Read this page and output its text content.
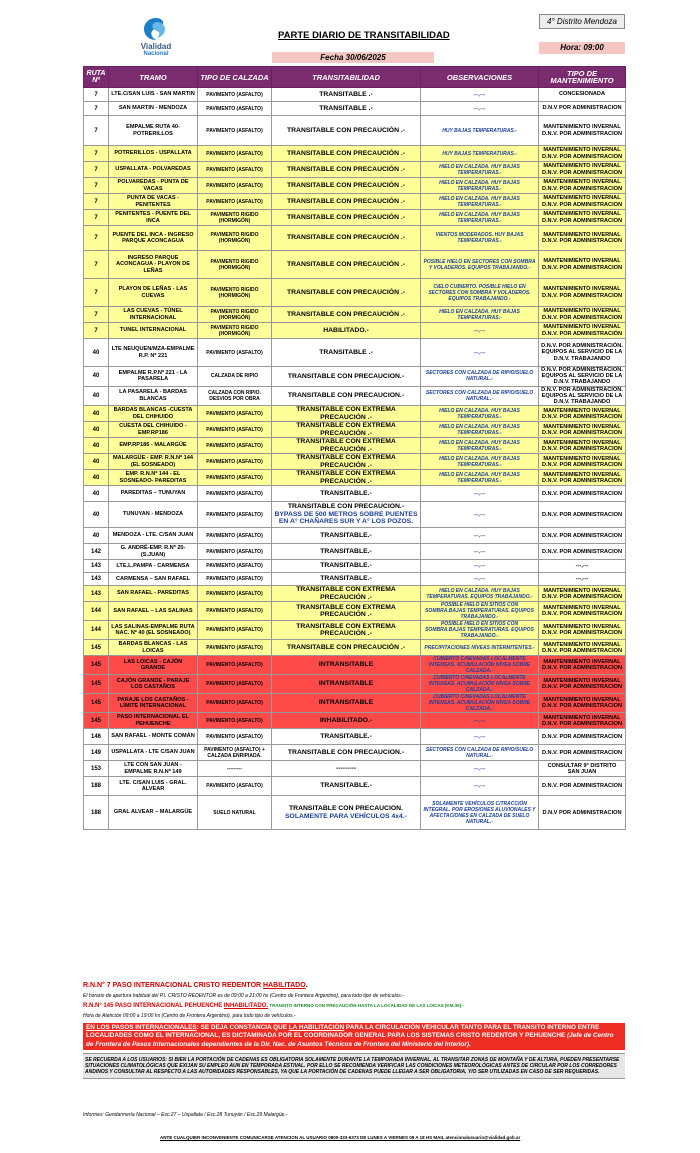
Vialidad
Nacional
PARTE DIARIO DE TRANSITABILIDAD
Fecha 30/06/2025
4° Distrito Mendoza
Hora: 09:00
RUTA Nº	TRAMO	TIPO DE CALZADA	TRANSITABILIDAD	OBSERVACIONES	TIPO DE MANTENIMIENTO
7	LTE.C/SAN LUIS - SAN MARTIN	PAVIMENTO (ASFALTO)	TRANSITABLE .-	---,---	CONCESIONADA
7	SAN MARTIN - MENDOZA	PAVIMENTO (ASFALTO)	TRANSITABLE .-	---,---	D.N.V POR ADMINISTRACION
7	EMPALME RUTA 40- POTRERILLOS	PAVIMENTO (ASFALTO)	TRANSITABLE CON PRECAUCIÓN .-	HUY BAJAS TEMPERATURAS.-	MANTENIMIENTO INVERNAL D.N.V. POR ADMINISTRACION
7	POTRERILLOS - USPALLATA	PAVIMENTO (ASFALTO)	TRANSITABLE CON PRECAUCIÓN .-	HUY BAJAS TEMPERATURAS.-	MANTENIMIENTO INVERNAL D.N.V. POR ADMINISTRACION
7	USPALLATA - POLVAREDAS	PAVIMENTO (ASFALTO)	TRANSITABLE CON PRECAUCIÓN .-	HIELO EN CALZADA. HUY BAJAS TEMPERATURAS.-	MANTENIMIENTO INVERNAL D.N.V. POR ADMINISTRACION
7	POLVAREDAS - PUNTA DE VACAS	PAVIMENTO (ASFALTO)	TRANSITABLE CON PRECAUCIÓN .-	HIELO EN CALZADA. HUY BAJAS TEMPERATURAS.-	MANTENIMIENTO INVERNAL D.N.V. POR ADMINISTRACION
7	PUNTA DE VACAS - PENITENTES	PAVIMENTO (ASFALTO)	TRANSITABLE CON PRECAUCIÓN .-	HIELO EN CALZADA. HUY BAJAS TEMPERATURAS.-	MANTENIMIENTO INVERNAL D.N.V. POR ADMINISTRACION
7	PENITENTES - PUENTE DEL INCA	PAVIMENTO RIGIDO (HORMIGÓN)	TRANSITABLE CON PRECAUCIÓN .-	HIELO EN CALZADA. HUY BAJAS TEMPERATURAS.-	MANTENIMIENTO INVERNAL D.N.V. POR ADMINISTRACION
7	PUENTE DEL INCA - INGRESO PARQUE ACONCAGUA	PAVIMENTO RIGIDO (HORMIGÓN)	TRANSITABLE CON PRECAUCIÓN .-	VIENTOS MODERADOS. HUY BAJAS TEMPERATURAS.-	MANTENIMIENTO INVERNAL D.N.V. POR ADMINISTRACION
7	INGRESO PARQUE ACONCAGUA - PLAYON DE LEÑAS	PAVIMENTO RIGIDO (HORMIGÓN)	TRANSITABLE CON PRECAUCIÓN .-	POSIBLE HIELO EN SECTORES CON SOMBRA Y VOLADEROS. EQUIPOS TRABAJANDO.-	MANTENIMIENTO INVERNAL D.N.V. POR ADMINISTRACION
7	PLAYON DE LEÑAS - LAS CUEVAS	PAVIMENTO RIGIDO (HORMIGÓN)	TRANSITABLE CON PRECAUCIÓN .-	CIELO CUBIERTO. POSIBLE HIELO EN SECTORES CON SOMBRA Y VOLADEROS. EQUIPOS TRABAJANDO.-	MANTENIMIENTO INVERNAL D.N.V. POR ADMINISTRACION
7	LAS CUEVAS - TÚNEL INTERNACIONAL	PAVIMENTO RIGIDO (HORMIGÓN)	TRANSITABLE CON PRECAUCIÓN .-	HIELO EN CALZADA. HUY BAJAS TEMPERATURAS.-	MANTENIMIENTO INVERNAL D.N.V. POR ADMINISTRACION
7	TUNEL INTERNACIONAL	PAVIMENTO RIGIDO (HORMIGÓN)	HABILITADO.-	---,---	MANTENIMIENTO INVERNAL D.N.V. POR ADMINISTRACIÓN
40	LTE NEUQUEN/MZA-EMPALME R.P. Nº 221	PAVIMENTO (ASFALTO)	TRANSITABLE .-	---,---	D.N.V. POR ADMINISTRACIÓN. EQUIPOS AL SERVICIO DE LA D.N.V. TRABAJANDO
40	EMPALME R.P.Nº 221 - LA PASARELA	CALZADA DE RIPIO	TRANSITABLE CON PRECAUCION.-	SECTORES CON CALZADA DE RIPIO/SUELO NATURAL.-	D.N.V. POR ADMINISTRACIÓN. EQUIPOS AL SERVICIO DE LA D.N.V. TRABAJANDO
40	LA PASARELA - BARDAS BLANCAS	CALZADA CON RIPIO. DESVIOS POR OBRA	TRANSITABLE CON PRECAUCION.-	SECTORES CON CALZADA DE RIPIO/SUELO NATURAL.-	D.N.V. POR ADMINISTRACIÓN. EQUIPOS AL SERVICIO DE LA D.N.V. TRABAJANDO
40	BARDAS BLANCAS -CUESTA DEL CHIHUIDO	PAVIMENTO (ASFALTO)	TRANSITABLE CON EXTREMA PRECAUCIÓN .-	HIELO EN CALZADA. HUY BAJAS TEMPERATURAS.-	MANTENIMIENTO INVERNAL D.N.V. POR ADMINISTRACION
40	CUESTA DEL CHIHUIDO - EMP.RP186	PAVIMENTO (ASFALTO)	TRANSITABLE CON EXTREMA PRECAUCIÓN .-	HIELO EN CALZADA. HUY BAJAS TEMPERATURAS.-	MANTENIMIENTO INVERNAL D.N.V. POR ADMINISTRACION
40	EMP.RP186 - MALARGÜE	PAVIMENTO (ASFALTO)	TRANSITABLE CON EXTREMA PRECAUCIÓN .-	HIELO EN CALZADA. HUY BAJAS TEMPERATURAS.-	MANTENIMIENTO INVERNAL D.N.V. POR ADMINISTRACION
40	MALARGÜE - EMP. R.N.Nº 144 (EL SOSNEADO)	PAVIMENTO (ASFALTO)	TRANSITABLE CON EXTREMA PRECAUCIÓN .-	HIELO EN CALZADA. HUY BAJAS TEMPERATURAS.-	MANTENIMIENTO INVERNAL D.N.V. POR ADMINISTRACION
40	EMP. R.N.Nº 144 - EL SOSNEADO- PAREDITAS	PAVIMENTO (ASFALTO)	TRANSITABLE CON EXTREMA PRECAUCIÓN .-	HIELO EN CALZADA. HUY BAJAS TEMPERATURAS.-	MANTENIMIENTO INVERNAL D.N.V. POR ADMINISTRACION
40	PAREDITAS – TUNUYAN	PAVIMENTO (ASFALTO)	TRANSITABLE.-	---,---	D.N.V. POR ADMINISTRACION
40	TUNUYAN - MENDOZA	PAVIMENTO (ASFALTO)	TRANSITABLE CON PRECAUCION.- BYPASS DE 500 METROS SOBRE PUENTES EN A° CHAÑARES SUR Y A° LOS POZOS.	---,---	D.N.V. POR ADMINISTRACION
40	MENDOZA - LTE. C/SAN JUAN	PAVIMENTO (ASFALTO)	TRANSITABLE.-	---,---	D.N.V. POR ADMINISTRACION
142	G. ANDRÉ-EMP. R.Nº 20-(S.JUAN)	PAVIMENTO (ASFALTO)	TRANSITABLE.-	---,---	D.N.V. POR ADMINISTRACION
143	LTE.L.PAMPA - CARMENSA	PAVIMENTO (ASFALTO)	TRANSITABLE.-	---,---	---,---
143	CARMENSA – SAN RAFAEL	PAVIMENTO (ASFALTO)	TRANSITABLE.-	---,---	---,---
143	SAN RAFAEL - PAREDITAS	PAVIMENTO (ASFALTO)	TRANSITABLE CON EXTREMA PRECAUCIÓN .-	HIELO EN CALZADA. HUY BAJAS TEMPERATURAS. EQUIPOS TRABAJANDO.-	MANTENIMIENTO INVERNAL D.N.V. POR ADMINISTRACION
144	SAN RAFAEL – LAS SALINAS	PAVIMENTO (ASFALTO)	TRANSITABLE CON EXTREMA PRECAUCIÓN .-	POSIBLE HIELO EN SITIOS CON SOMBRA.BAJAS TEMPERATURAS. EQUIPOS TRABAJANDO.-	MANTENIMIENTO INVERNAL D.N.V. POR ADMINISTRACION
144	LAS SALINAS-EMPALME RUTA NAC. Nº 40 (EL SOSNEADO)	PAVIMENTO (ASFALTO)	TRANSITABLE CON EXTREMA PRECAUCIÓN .-	POSIBLE HIELO EN SITIOS CON SOMBRA.BAJAS TEMPERATURAS. EQUIPOS TRABAJANDO.-	MANTENIMIENTO INVERNAL D.N.V. POR ADMINISTRACION
145	BARDAS BLANCAS - LAS LOICAS	PAVIMENTO (ASFALTO)	TRANSITABLE CON PRECAUCIÓN .-	PRECIPITACIONES NÍVEAS INTERMITENTES.-	MANTENIMIENTO INVERNAL D.N.V. POR ADMINISTRACION
145	LAS LOICAS - CAJÓN GRANDE	PAVIMENTO (ASFALTO)	INTRANSITABLE	CUBIERTO C/NEVADAS LOCALMENTE INTENSAS. ACUMULACIÓN NÍVEA SOBRE CALZADA.-	MANTENIMIENTO INVERNAL D.N.V. POR ADMINISTRACION
145	CAJÓN GRANDE - PARAJE LOS CASTAÑOS	PAVIMENTO (ASFALTO)	INTRANSITABLE	CUBIERTO C/NEVADAS LOCALMENTE INTENSAS. ACUMULACIÓN NÍVEA SOBRE CALZADA.-	MANTENIMIENTO INVERNAL D.N.V. POR ADMINISTRACION
145	PARAJE LOS CASTAÑOS - LÍMITE INTERNACIONAL	PAVIMENTO (ASFALTO)	INTRANSITABLE	CUBIERTO C/NEVADAS LOCALMENTE INTENSAS. ACUMULACIÓN NÍVEA SOBRE CALZADA.-	MANTENIMIENTO INVERNAL D.N.V. POR ADMINISTRACION
145	PASO INTERNACIONAL EL PEHUENCHE	PAVIMENTO (ASFALTO)	INHABILITADO.-	---,---	MANTENIMIENTO INVERNAL D.N.V. POR ADMINISTRACION
146	SAN RAFAEL - MONTE COMÁN	PAVIMENTO (ASFALTO)	TRANSITABLE.-	---,---	D.N.V. POR ADMINISTRACION
149	USPALLATA - LTE C/SAN JUAN	PAVIMENTO (ASFALTO) + CALZADA ENRIPIADA.	TRANSITABLE CON PRECAUCION.-	SECTORES CON CALZADA DE RIPIO/SUELO NATURAL.-	D.N.V. POR ADMINISTRACION
153	LTE CON SAN JUAN - EMPALME R.N.Nº 149	---------	---------	---,---	CONSULTAR 9° DISTRITO SAN JUAN
188	LTE. C/SAN LUIS - GRAL. ALVEAR	PAVIMENTO (ASFALTO)	TRANSITABLE.-	---,---	D.N.V. POR ADMINISTRACION
188	GRAL ALVEAR – MALARGÜE	SUELO NATURAL	TRANSITABLE CON PRECAUCION. SOLAMENTE PARA VEHÍCULOS 4x4.-	SOLAMENTE VEHÍCULOS C/TRACCIÓN INTEGRAL. POR EROSIONES ALUVIONALES Y AFECTACIONES EN CALZADA DE SUELO NATURAL.-	D.N.V POR ADMINISTRACION
R.N.N° 7 PASO INTERNACIONAL CRISTO REDENTOR HABILITADO.
El horario de apertura habitual del P.I. CRISTO REDENTOR es de 09:00 a 21:00 hs (Centro de Frontera Argentino), para todo tipo de vehículos.-
R.N.N° 145 PASO INTERNACIONAL PEHUENCHE INHABILITADO. TRÁNSITO INTERNO CON PRECAUCIÓN HASTA LA LOCALIDAD DE LAS LOICAS (KM.35).-
Hora de Atención 09:00 a 19:00 hs (Centro de Frontera Argentino), para todo tipo de vehículos.-
EN LOS PASOS INTERNACIONALES: SE DEJA CONSTANCIA QUE LA HABILITACIÓN PARA LA CIRCULACIÓN VEHICULAR TANTO PARA EL TRANSITO INTERNO ENTRE LOCALIDADES COMO EL INTERNACIONAL, ES DICTAMINADA POR EL COORDINADOR GENERAL PARA LOS SISTEMAS CRISTO REDENTOR Y PEHUENCHE (Jefe de Centro de Frontera de Pasos Internacionales dependientes de la Dir. Nac. de Asuntos Técnicos de Frontera del Ministerio del Interior).
SE RECUERDA A LOS USUARIOS: SI BIEN LA PORTACIÓN DE CADENAS ES OBLIGATORIA SOLAMENTE DURANTE LA TEMPORADA INVERNAL, AL TRANSITAR ZONAS DE MONTAÑA Y DE ALTURA, PUEDEN PRESENTARSE SITUACIONES CLIMATOLÓGICAS QUE EXIJAN SU EMPLEO AUN EN TEMPORADA ESTIVAL. POR ELLO SE RECOMIENDA VERIFICAR LAS CONDICIONES METEOROLÓGICAS ANTES DE CIRCULAR POR LOS CORREDORES ANDINOS Y CONSULTAR AL RESPECTO A LAS AUTORIDADES RESPONSABLES, YA QUE LA PORTACIÓN DE CADENAS PUEDE LLEGAR A SER OBLIGATORIA, Y/O SER UTILIZADAS EN CASO DE SER REQUERIDAS.
Informes: Gendarmería Nacional – Esc.27 – Uspallata / Esc.28 Tunuyán / Esc.29 Malargüe.-
ANTE CUALQUIER INCONVENIENTE COMUNICARSE ATENCION AL USUARIO 0800-333-6373 DE LUNES A VIERNES 09 A 18 HS MAIL atencionalusuario@vialidad.gob.ar
